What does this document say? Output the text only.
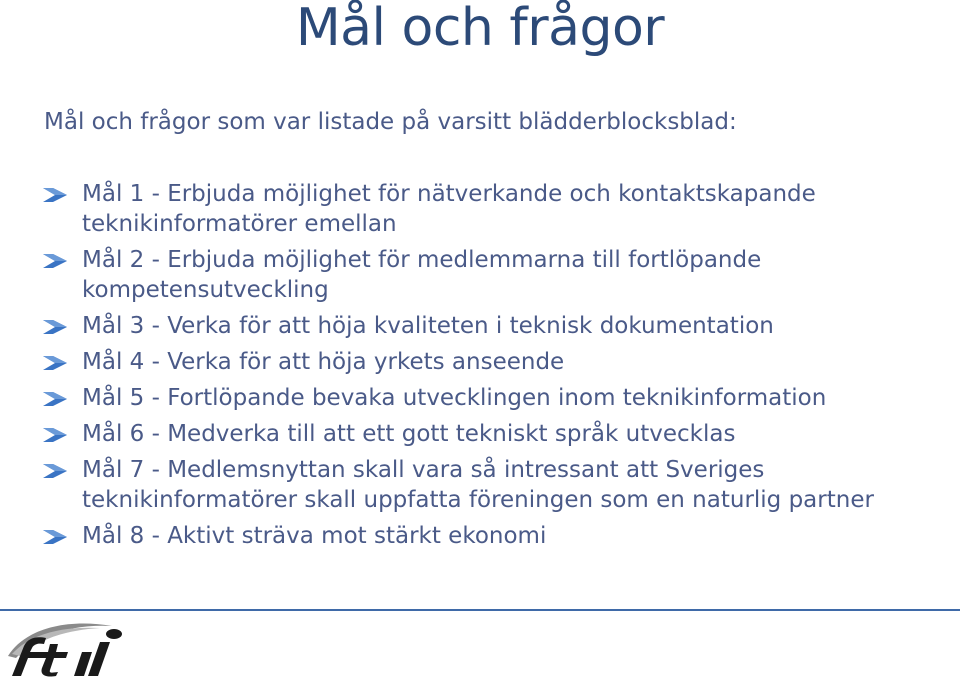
Mål och frågor
Mål och frågor som var listade på varsitt blädderblocksblad:
Mål 1 - Erbjuda möjlighet för nätverkande och kontaktskapande teknikinformatörer emellan
Mål 2 - Erbjuda möjlighet för medlemmarna till fortlöpande kompetensutveckling
Mål 3 - Verka för att höja kvaliteten i teknisk dokumentation
Mål 4 - Verka för att höja yrkets anseende
Mål 5 - Fortlöpande bevaka utvecklingen inom teknikinformation
Mål 6 - Medverka till att ett gott tekniskt språk utvecklas
Mål 7 - Medlemsnyttan skall vara så intressant att Sveriges teknikinformatörer skall uppfatta föreningen som en naturlig partner
Mål 8 - Aktivt sträva mot stärkt ekonomi
